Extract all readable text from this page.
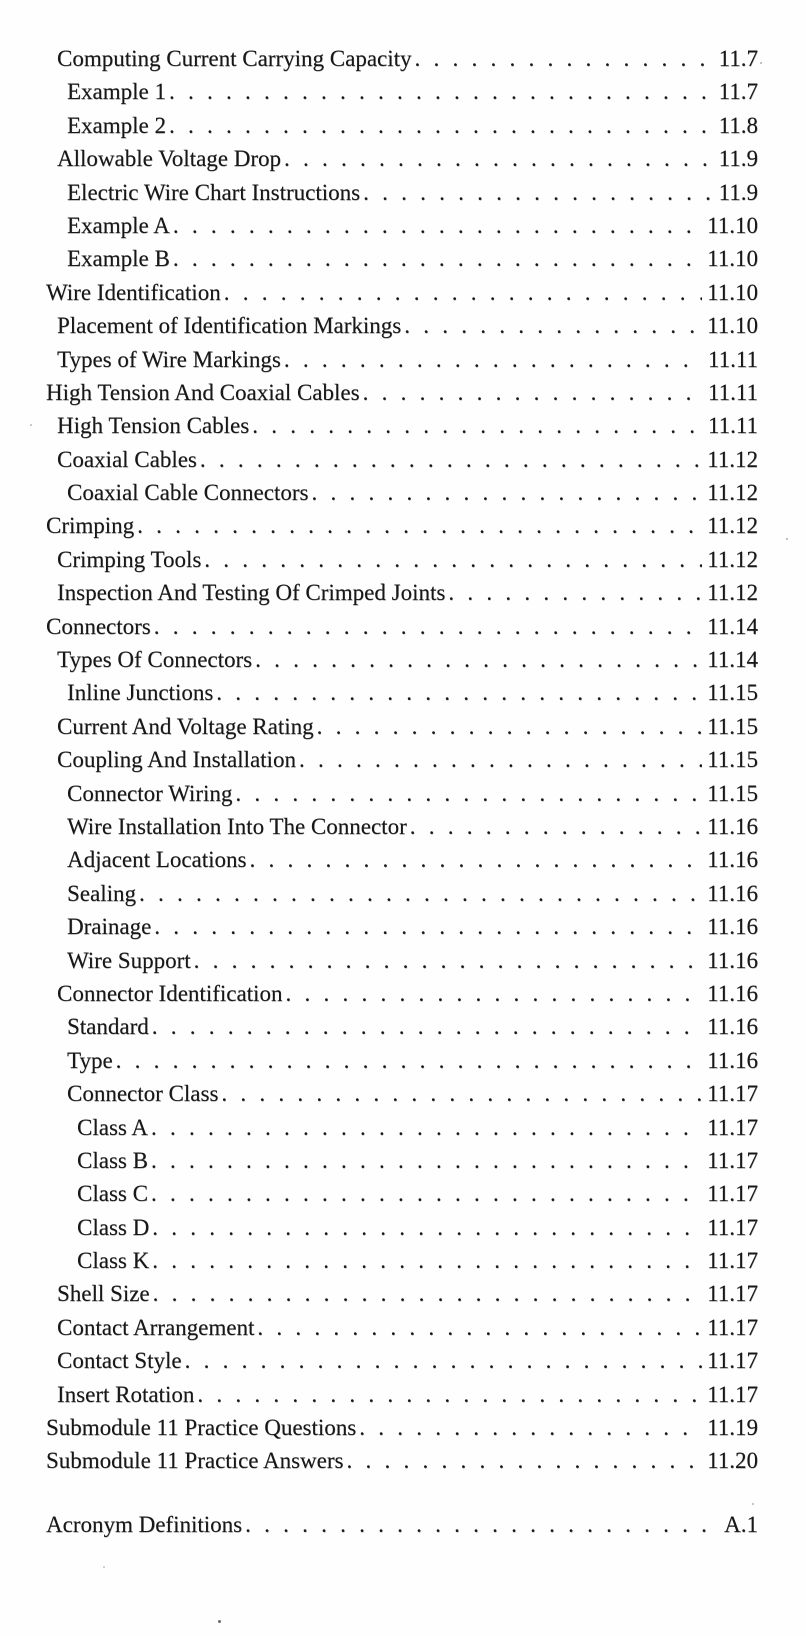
Computing Current Carrying Capacity . . .	11.7
Example 1 . . .	11.7
Example 2 . . .	11.8
Allowable Voltage Drop . . .	11.9
Electric Wire Chart Instructions . . .	11.9
Example A . . .	11.10
Example B . . .	11.10
Wire Identification . . .	11.10
Placement of Identification Markings . . .	11.10
Types of Wire Markings . . .	11.11
High Tension And Coaxial Cables . . .	11.11
High Tension Cables . . .	11.11
Coaxial Cables . . .	11.12
Coaxial Cable Connectors . . .	11.12
Crimping . . .	11.12
Crimping Tools . . .	11.12
Inspection And Testing Of Crimped Joints . . .	11.12
Connectors . . .	11.14
Types Of Connectors . . .	11.14
Inline Junctions . . .	11.15
Current And Voltage Rating . . .	11.15
Coupling And Installation . . .	11.15
Connector Wiring . . .	11.15
Wire Installation Into The Connector . . .	11.16
Adjacent Locations . . .	11.16
Sealing . . .	11.16
Drainage . . .	11.16
Wire Support . . .	11.16
Connector Identification . . .	11.16
Standard . . .	11.16
Type . . .	11.16
Connector Class . . .	11.17
Class A . . .	11.17
Class B . . .	11.17
Class C . . .	11.17
Class D . . .	11.17
Class K . . .	11.17
Shell Size . . .	11.17
Contact Arrangement . . .	11.17
Contact Style . . .	11.17
Insert Rotation . . .	11.17
Submodule 11 Practice Questions . . .	11.19
Submodule 11 Practice Answers . . .	11.20
Acronym Definitions . . .	A.1
